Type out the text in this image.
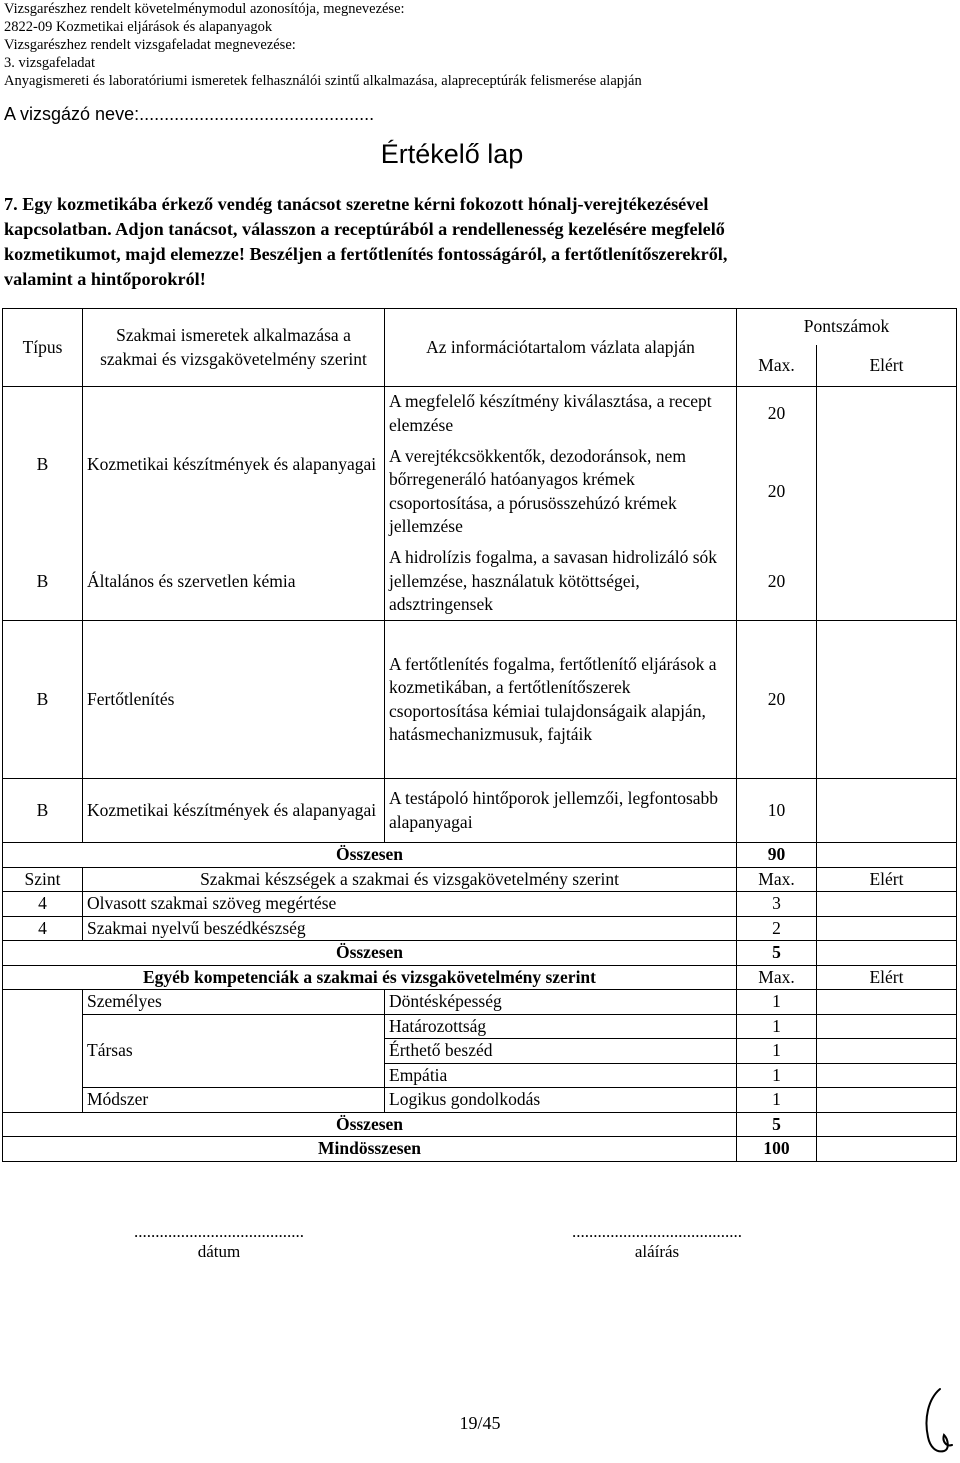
Vizsgarészhez rendelt követelménymodul azonosítója, megnevezése:
2822-09 Kozmetikai eljárások és alapanyagok
Vizsgarészhez rendelt vizsgafeladat megnevezése:
3. vizsgafeladat
Anyagismereti és laboratóriumi ismeretek felhasználói szintű alkalmazása, alapreceptúrák felismerése alapján
A vizsgázó neve:...............................................
Értékelő lap
7. Egy kozmetikába érkező vendég tanácsot szeretne kérni fokozott hónalj-verejtékezésével
kapcsolatban. Adjon tanácsot, válasszon a receptúrából a rendellenesség kezelésére megfelelő
kozmetikumot, majd elemezze! Beszéljen a fertőtlenítés fontosságáról, a fertőtlenítőszerekről,
valamint a hintőporokról!
Típus	Szakmai ismeretek alkalmazása a szakmai és vizsgakövetelmény szerint	Az információtartalom vázlata alapján	Pontszámok	
			Max.	Elért
B	Kozmetikai készítmények és alapanyagai	A megfelelő készítmény kiválasztása, a recept elemzése	20	
		A verejtékcsökkentők, dezodoránsok, nem bőrregeneráló hatóanyagos krémek csoportosítása, a pórusösszehúzó krémek jellemzése	20	
B	Általános és szervetlen kémia	A hidrolízis fogalma, a savasan hidrolizáló sók jellemzése, használatuk kötöttségei, adsztringensek	20	
B	Fertőtlenítés	A fertőtlenítés fogalma, fertőtlenítő eljárások a kozmetikában, a fertőtlenítőszerek csoportosítása kémiai tulajdonságaik alapján, hatásmechanizmusuk, fajtáik	20	
B	Kozmetikai készítmények és alapanyagai	A testápoló hintőporok jellemzői, legfontosabb alapanyagai	10	
Összesen			90	
Szint	Szakmai készségek a szakmai és vizsgakövetelmény szerint		Max.	Elért
4	Olvasott szakmai szöveg megértése		3	
4	Szakmai nyelvű beszédkészség		2	
Összesen			5	
Egyéb kompetenciák a szakmai és vizsgakövetelmény szerint			Max.	Elért
	Személyes	Döntésképesség	1	
	Társas	Határozottság	1	
		Érthető beszéd	1	
		Empátia	1	
	Módszer	Logikus gondolkodás	1	
Összesen			5	
Mindösszesen			100	
........................................
dátum
........................................
aláírás
19/45
